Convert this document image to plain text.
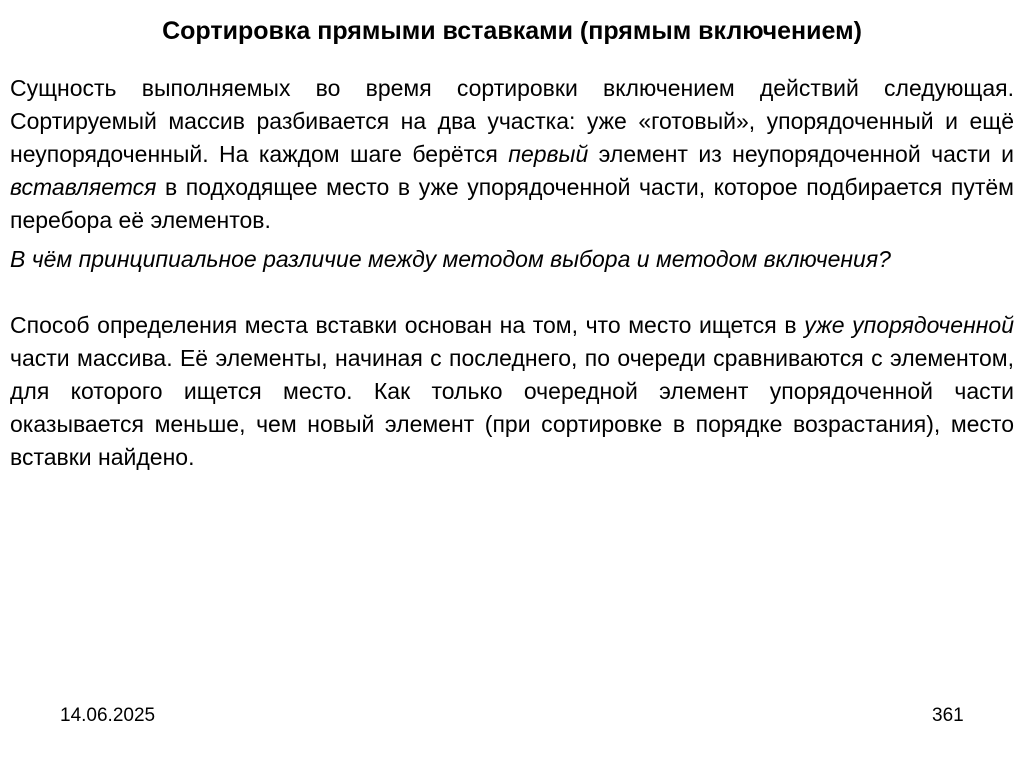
Сортировка прямыми вставками (прямым включением)

Сущность выполняемых во время сортировки включением действий следующая. Сортируемый массив разбивается на два участка: уже «готовый», упорядоченный и ещё неупорядоченный. На каждом шаге берётся первый элемент из неупорядоченной части и вставляется в подходящее место в уже упорядоченной части, которое подбирается путём перебора её элементов.

В чём принципиальное различие между методом выбора и методом включения?

Способ определения места вставки основан на том, что место ищется в уже упорядоченной части массива. Её элементы, начиная с последнего, по очереди сравниваются с элементом, для которого ищется место. Как только очередной элемент упорядоченной части оказывается меньше, чем новый элемент (при сортировке в порядке возрастания), место вставки найдено.

14.06.2025	361
